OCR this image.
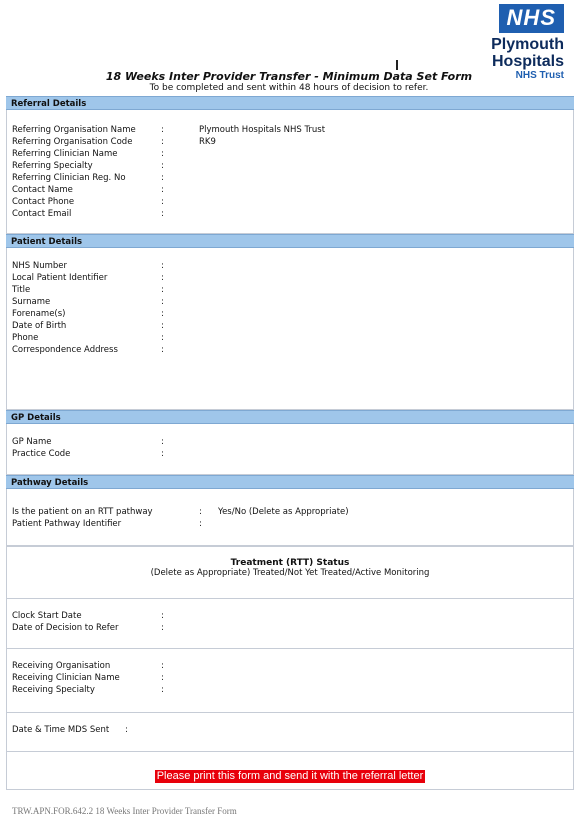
NHS
Plymouth Hospitals
NHS Trust
18 Weeks Inter Provider Transfer - Minimum Data Set Form
To be completed and sent within 48 hours of decision to refer.
Referral Details
Referring Organisation Name	:	Plymouth Hospitals NHS Trust
Referring Organisation Code	:	RK9
Referring Clinician Name	:
Referring Specialty	:
Referring Clinician Reg. No	:
Contact Name	:
Contact Phone	:
Contact Email	:
Patient Details
NHS Number	:
Local Patient Identifier	:
Title	:
Surname	:
Forename(s)	:
Date of Birth	:
Phone	:
Correspondence Address	:
GP Details
GP Name	:
Practice Code	:
Pathway Details
Is the patient on an RTT pathway	: Yes/No (Delete as Appropriate)
Patient Pathway Identifier	:
Treatment (RTT) Status
(Delete as Appropriate) Treated/Not Yet Treated/Active Monitoring
Clock Start Date	:
Date of Decision to Refer	:
Receiving Organisation	:
Receiving Clinician Name	:
Receiving Specialty	:
Date & Time MDS Sent :
Please print this form and send it with the referral letter
TRW.APN.FOR.642.2 18 Weeks Inter Provider Transfer Form
